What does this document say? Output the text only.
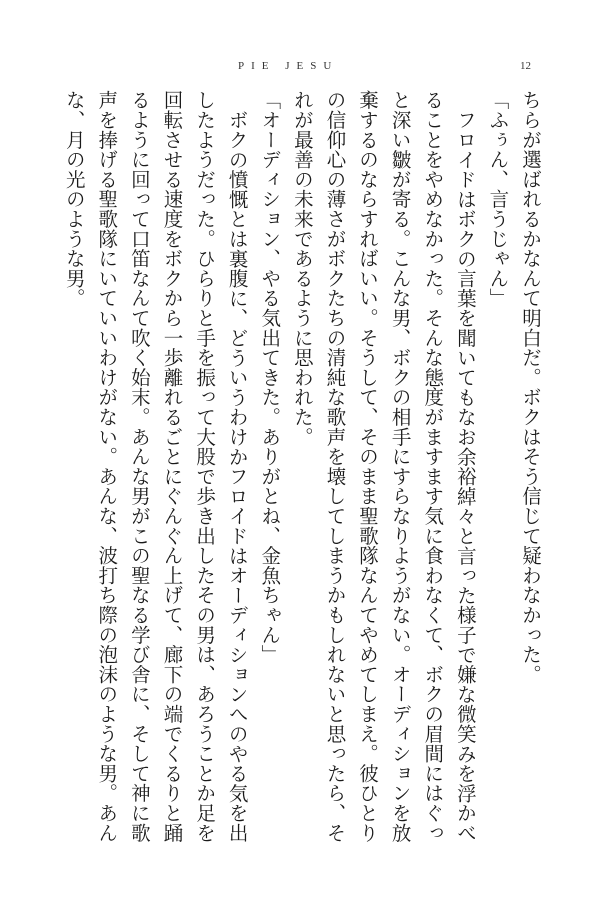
PIE JESU	12

ちらが選ばれるかなんて明白だ。ボクはそう信じて疑わなかった。

「ふぅん、言うじゃん」

フロイドはボクの言葉を聞いてもなお余裕綽々と言った様子で嫌な微笑みを浮かべることをやめなかった。そんな態度がますます気に食わなくて、ボクの眉間にはぐっと深い皺が寄る。こんな男、ボクの相手にすらなりようがない。オーディションを放棄するのならすればいい。そうして、そのまま聖歌隊なんてやめてしまえ。彼ひとりの信仰心の薄さがボクたちの清純な歌声を壊してしまうかもしれないと思ったら、それが最善の未来であるように思われた。

「オーディション、やる気出てきた。ありがとね、金魚ちゃん」

ボクの憤慨とは裏腹に、どういうわけかフロイドはオーディションへのやる気を出したようだった。ひらりと手を振って大股で歩き出したその男は、あろうことか足を回転させる速度をボクから一歩離れるごとにぐんぐん上げて、廊下の端でくるりと踊るように回って口笛なんて吹く始末。あんな男がこの聖なる学び舎に、そして神に歌声を捧げる聖歌隊にいていいわけがない。あんな、波打ち際の泡沫のような男。あんな、月の光のような男。
